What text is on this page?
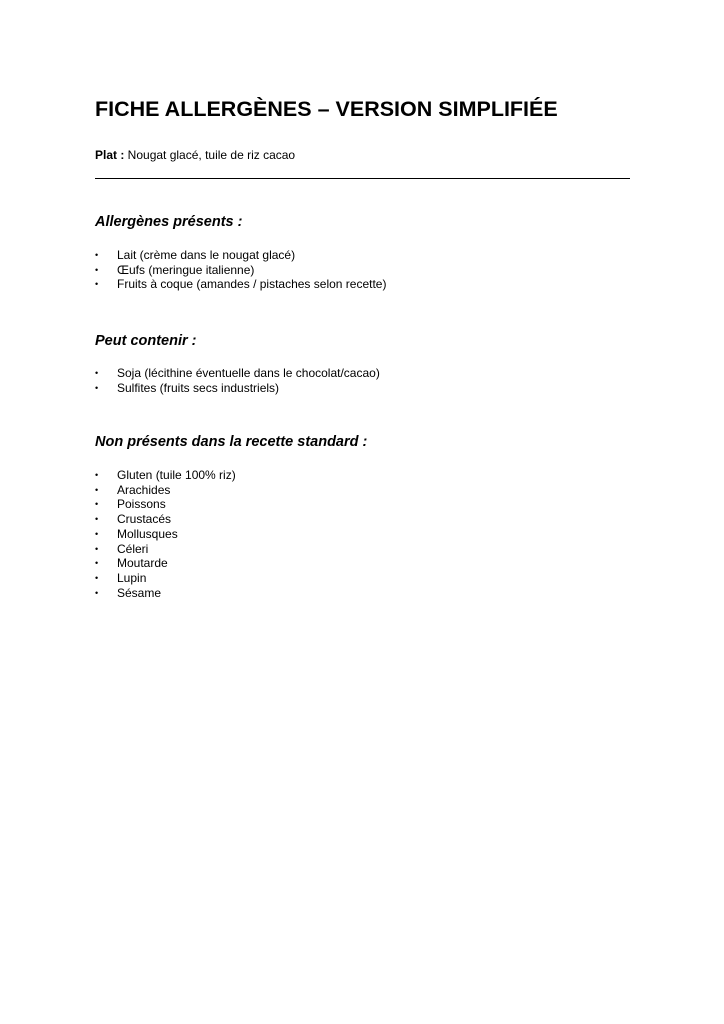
FICHE ALLERGÈNES – VERSION SIMPLIFIÉE
Plat : Nougat glacé, tuile de riz cacao
Allergènes présents :
• Lait (crème dans le nougat glacé)
• Œufs (meringue italienne)
• Fruits à coque (amandes / pistaches selon recette)
Peut contenir :
• Soja (lécithine éventuelle dans le chocolat/cacao)
• Sulfites (fruits secs industriels)
Non présents dans la recette standard :
• Gluten (tuile 100% riz)
• Arachides
• Poissons
• Crustacés
• Mollusques
• Céleri
• Moutarde
• Lupin
• Sésame
